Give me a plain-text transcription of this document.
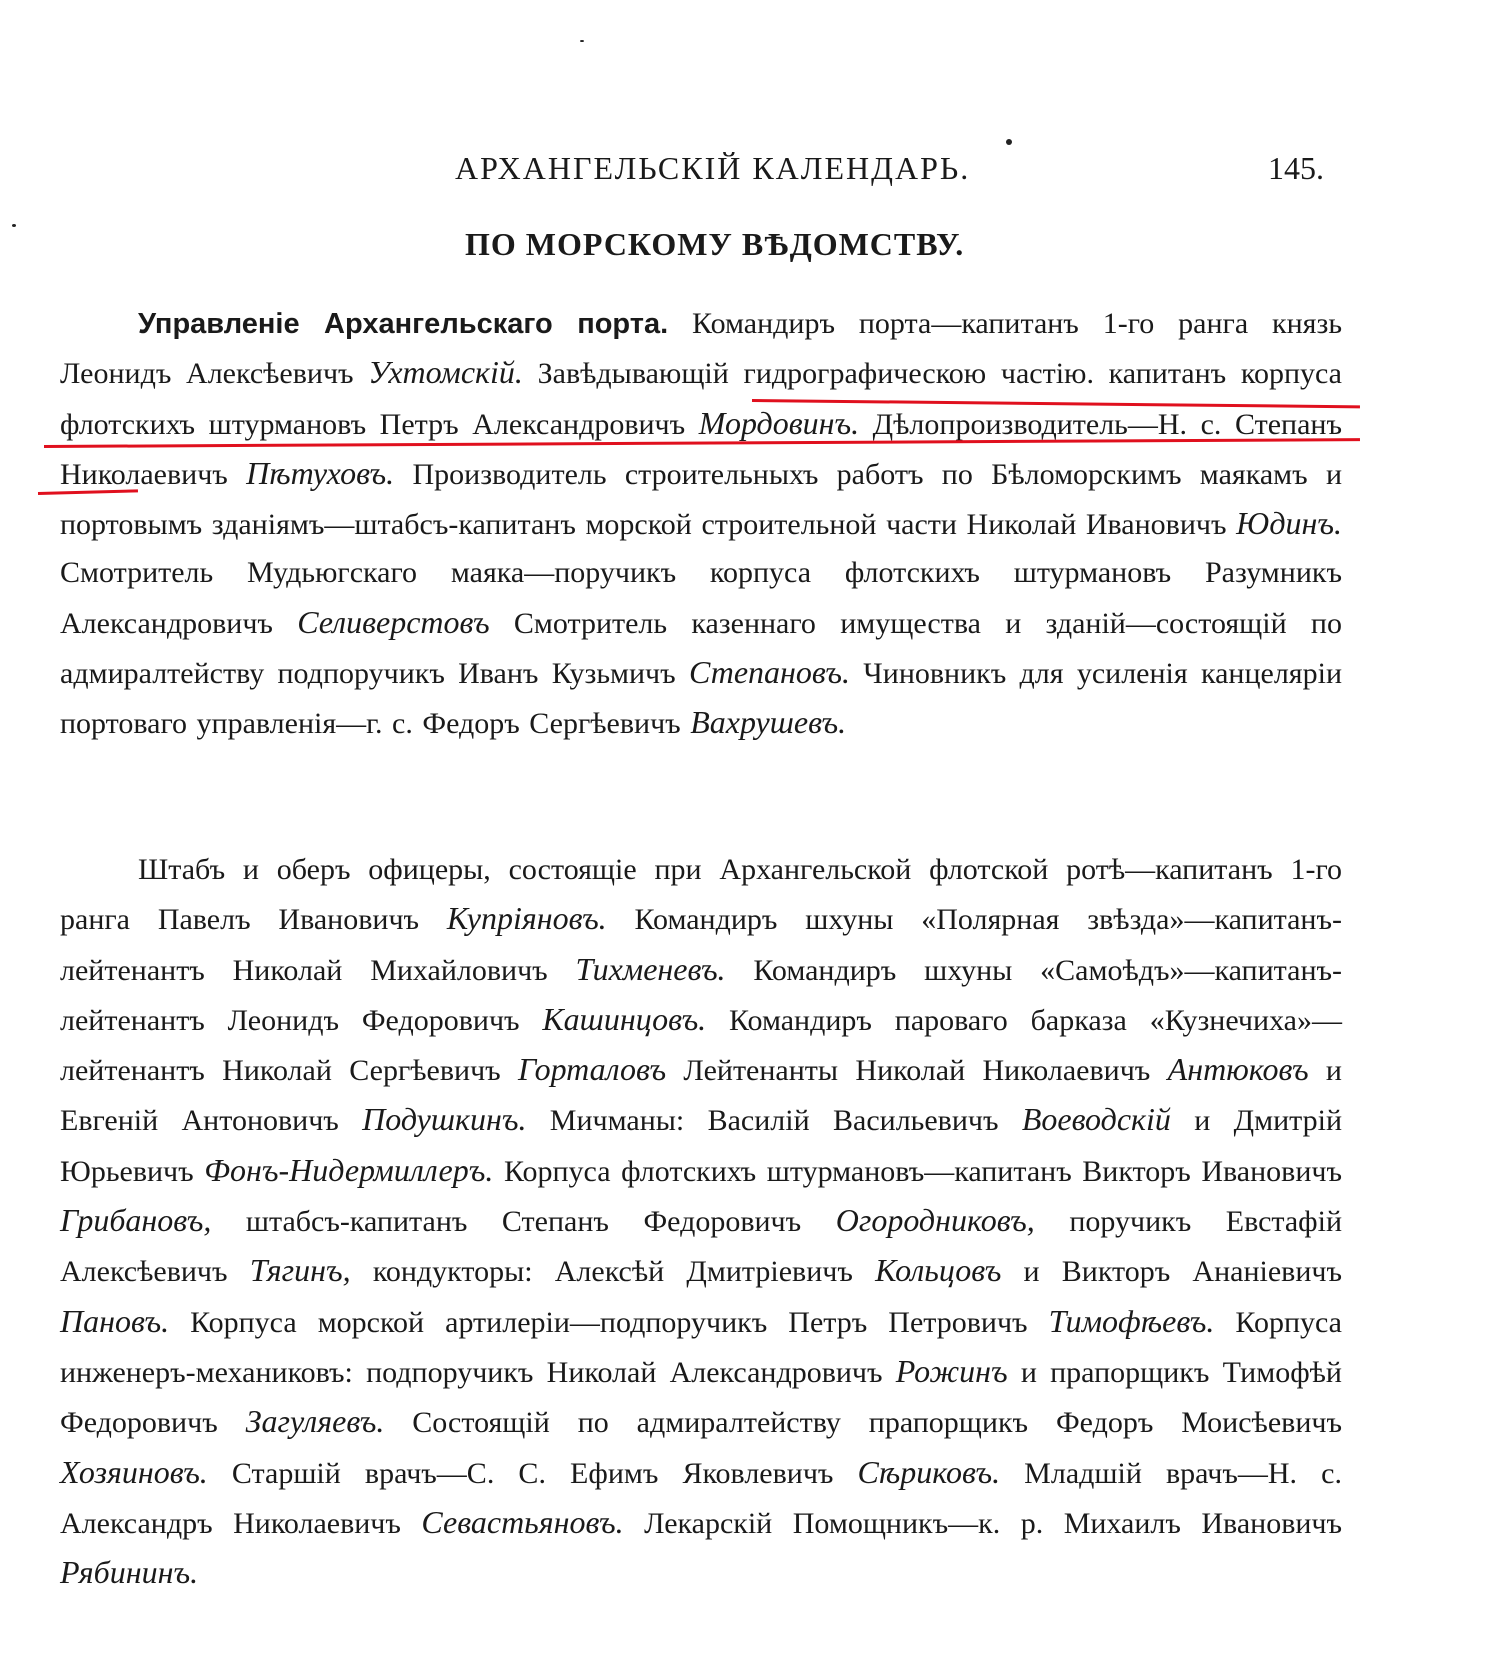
АРХАНГЕЛЬСКІЙ КАЛЕНДАРЬ.	145.
ПО МОРСКОМУ ВѢДОМСТВУ.
Управленіе Архангельскаго порта. Командиръ порта—капитанъ 1-го ранга князь Леонидъ Алексѣевичъ Ухтомскій. Завѣдывающій гидрографическою частію. капитанъ корпуса флотскихъ штурмановъ Петръ Александровичъ Мордовинъ. Дѣлопроизводитель—Н. с. Степанъ Николаевичъ Пѣтуховъ. Производитель строительныхъ работъ по Бѣломорскимъ маякамъ и портовымъ зданіямъ—штабсъ-капитанъ морской строительной части Николай Ивановичъ Юдинъ. Смотритель Мудьюгскаго маяка—поручикъ корпуса флотскихъ штурмановъ Разумникъ Александровичъ Селиверстовъ Смотритель казеннаго имущества и зданій—состоящій по адмиралтейству подпоручикъ Иванъ Кузьмичъ Степановъ. Чиновникъ для усиленія канцеляріи портоваго управленія—г. с. Федоръ Сергѣевичъ Вахрушевъ.
Штабъ и оберъ офицеры, состоящіе при Архангельской флотской ротѣ—капитанъ 1-го ранга Павелъ Ивановичъ Купріяновъ. Командиръ шхуны «Полярная звѣзда»—капитанъ-лейтенантъ Николай Михайловичъ Тихменевъ. Командиръ шхуны «Самоѣдъ»—капитанъ-лейтенантъ Леонидъ Федоровичъ Кашинцовъ. Командиръ пароваго барказа «Кузнечиха»—лейтенантъ Николай Сергѣевичъ Горталовъ Лейтенанты Николай Николаевичъ Антюковъ и Евгеній Антоновичъ Подушкинъ. Мичманы: Василій Васильевичъ Воеводскій и Дмитрій Юрьевичъ Фонъ-Нидермиллеръ. Корпуса флотскихъ штурмановъ—капитанъ Викторъ Ивановичъ Грибановъ, штабсъ-капитанъ Степанъ Федоровичъ Огородниковъ, поручикъ Евстафій Алексѣевичъ Тягинъ, кондукторы: Алексѣй Дмитріевичъ Кольцовъ и Викторъ Ананіевичъ Пановъ. Корпуса морской артилеріи—подпоручикъ Петръ Петровичъ Тимофѣевъ. Корпуса инженеръ-механиковъ: подпоручикъ Николай Александровичъ Рожинъ и прапорщикъ Тимофѣй Федоровичъ Загуляевъ. Состоящій по адмиралтейству прапорщикъ Федоръ Моисѣевичъ Хозяиновъ. Старшій врачъ—С. С. Ефимъ Яковлевичъ Сѣриковъ. Младшій врачъ—Н. с. Александръ Николаевичъ Севастьяновъ. Лекарскій Помощникъ—к. р. Михаилъ Ивановичъ Рябининъ.
